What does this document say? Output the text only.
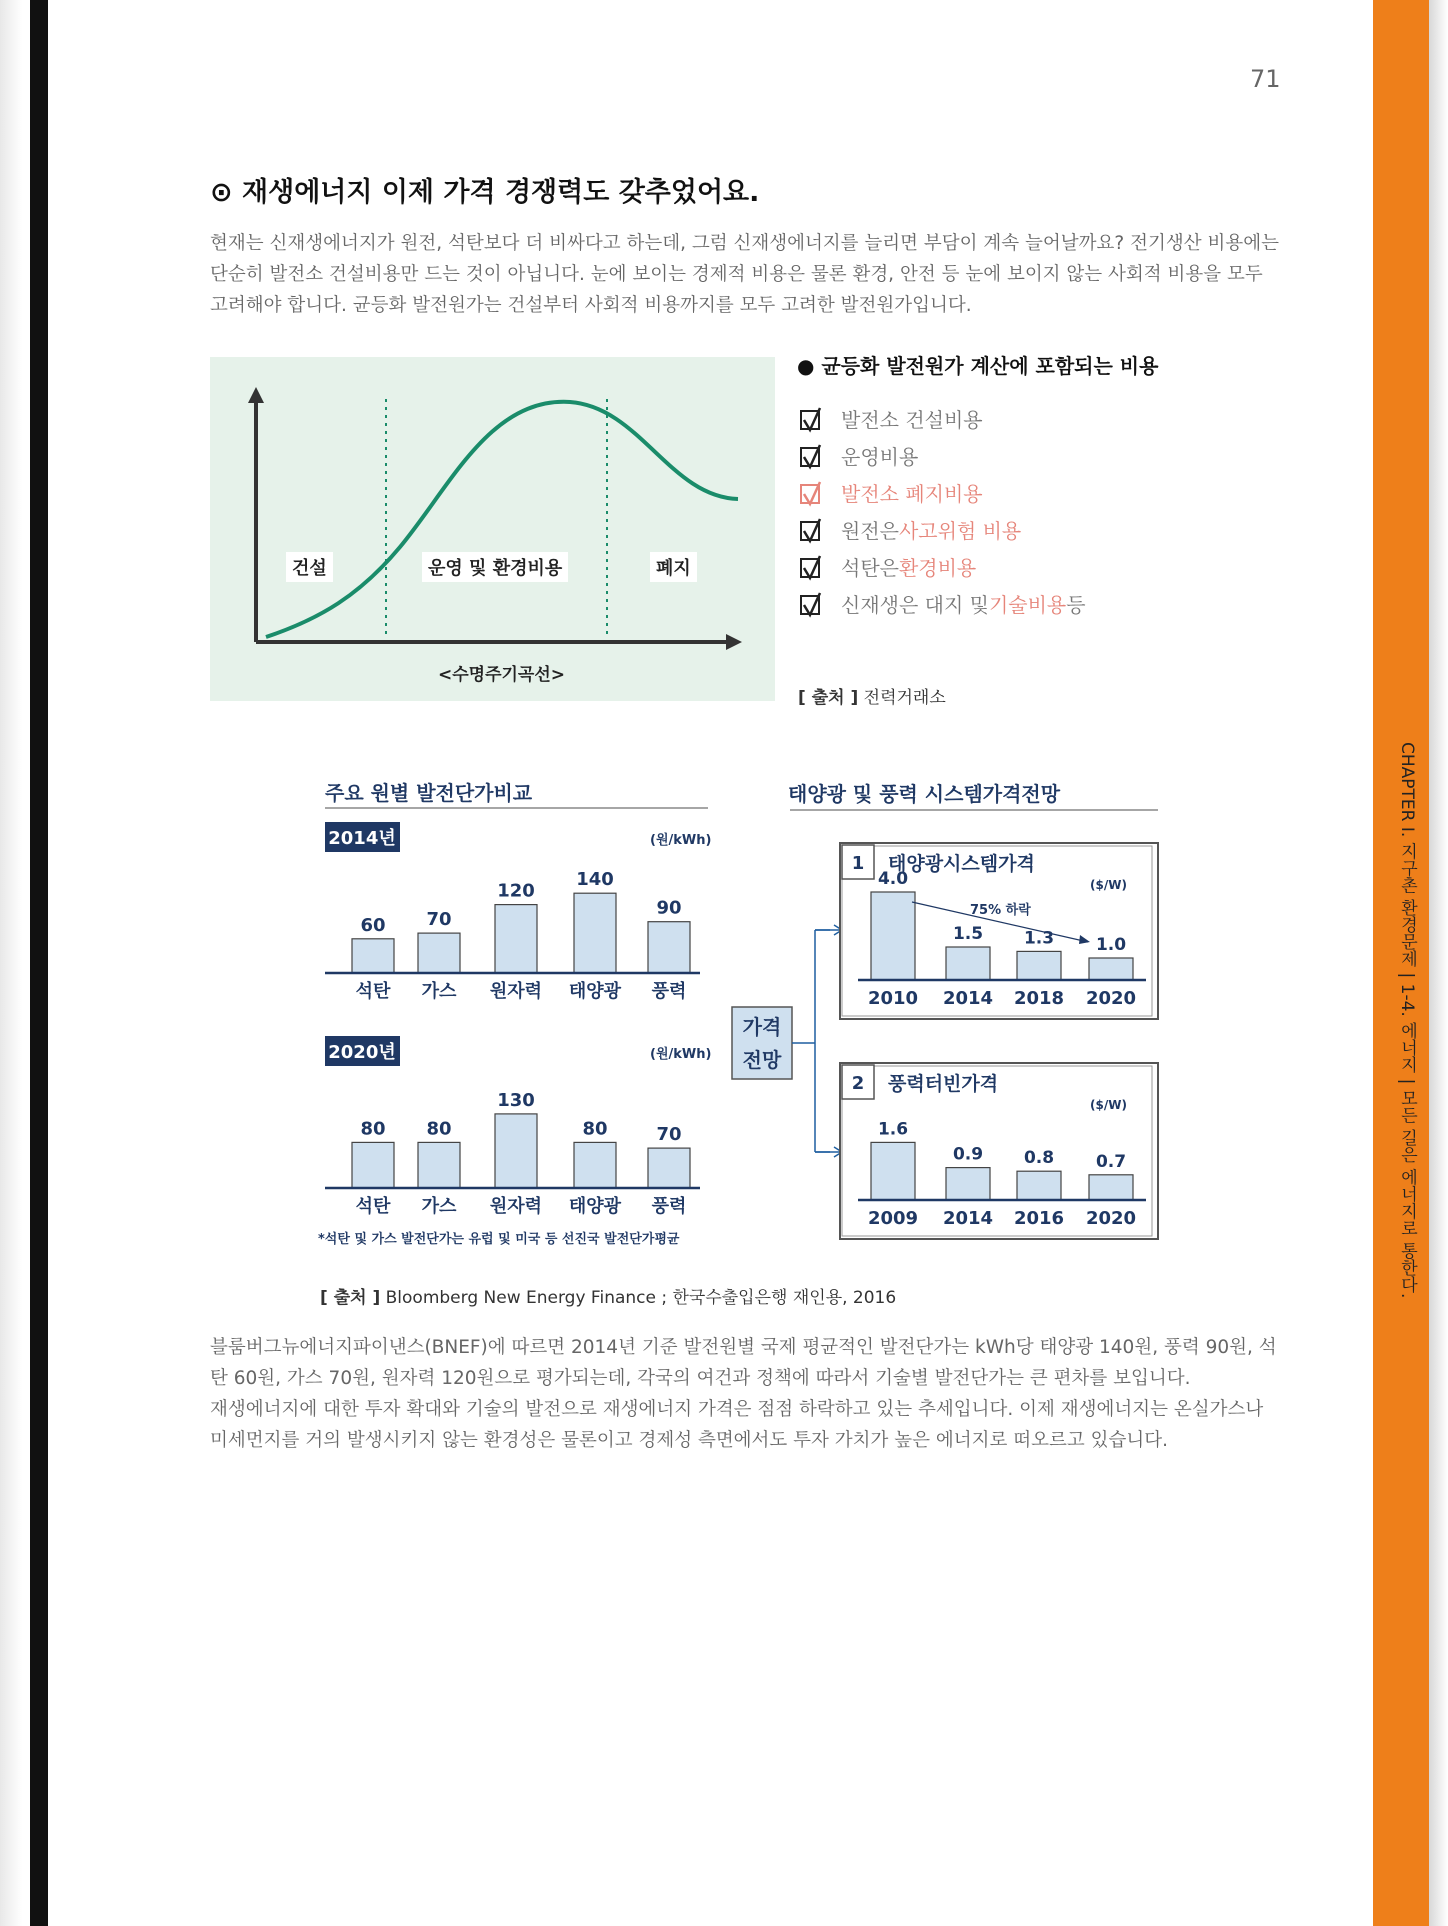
CHAPTER I. 지구촌 환경문제 | 1-4. 에너지 | 모든 길은 에너지로 통한다.
71
⊙ 재생에너지 이제 가격 경쟁력도 갖추었어요.
현재는 신재생에너지가 원전, 석탄보다 더 비싸다고 하는데, 그럼 신재생에너지를 늘리면 부담이 계속 늘어날까요? 전기생산 비용에는
단순히 발전소 건설비용만 드는 것이 아닙니다. 눈에 보이는 경제적 비용은 물론 환경, 안전 등 눈에 보이지 않는 사회적 비용을 모두
고려해야 합니다. 균등화 발전원가는 건설부터 사회적 비용까지를 모두 고려한 발전원가입니다.
건설	운영 및 환경비용	폐지
<수명주기곡선>
● 균등화 발전원가 계산에 포함되는 비용
발전소 건설비용
운영비용
발전소 폐지비용
원전은 사고위험 비용
석탄은 환경비용
신재생은 대지 및 기술비용 등
[ 출처 ] 전력거래소
주요 원별 발전단가비교	태양광 및 풍력 시스템가격전망
2014년	(원/kWh)
60
석탄
70
가스
120
원자력
140
태양광
90
풍력
2020년	(원/kWh)
80
석탄
80
가스
130
원자력
80
태양광
70
풍력
*석탄 및 가스 발전단가는 유럽 및 미국 등 선진국 발전단가평균
가격
전망
1 태양광시스템가격
($/W)
4.0
2010
1.5
2014
1.3
2018
1.0
2020
75% 하락
2 풍력터빈가격
($/W)
1.6
2009
0.9
2014
0.8
2016
0.7
2020
[ 출처 ] Bloomberg New Energy Finance ; 한국수출입은행 재인용, 2016
블룸버그뉴에너지파이낸스(BNEF)에 따르면 2014년 기준 발전원별 국제 평균적인 발전단가는 kWh당 태양광 140원, 풍력 90원, 석
탄 60원, 가스 70원, 원자력 120원으로 평가되는데, 각국의 여건과 정책에 따라서 기술별 발전단가는 큰 편차를 보입니다.
재생에너지에 대한 투자 확대와 기술의 발전으로 재생에너지 가격은 점점 하락하고 있는 추세입니다. 이제 재생에너지는 온실가스나
미세먼지를 거의 발생시키지 않는 환경성은 물론이고 경제성 측면에서도 투자 가치가 높은 에너지로 떠오르고 있습니다.
